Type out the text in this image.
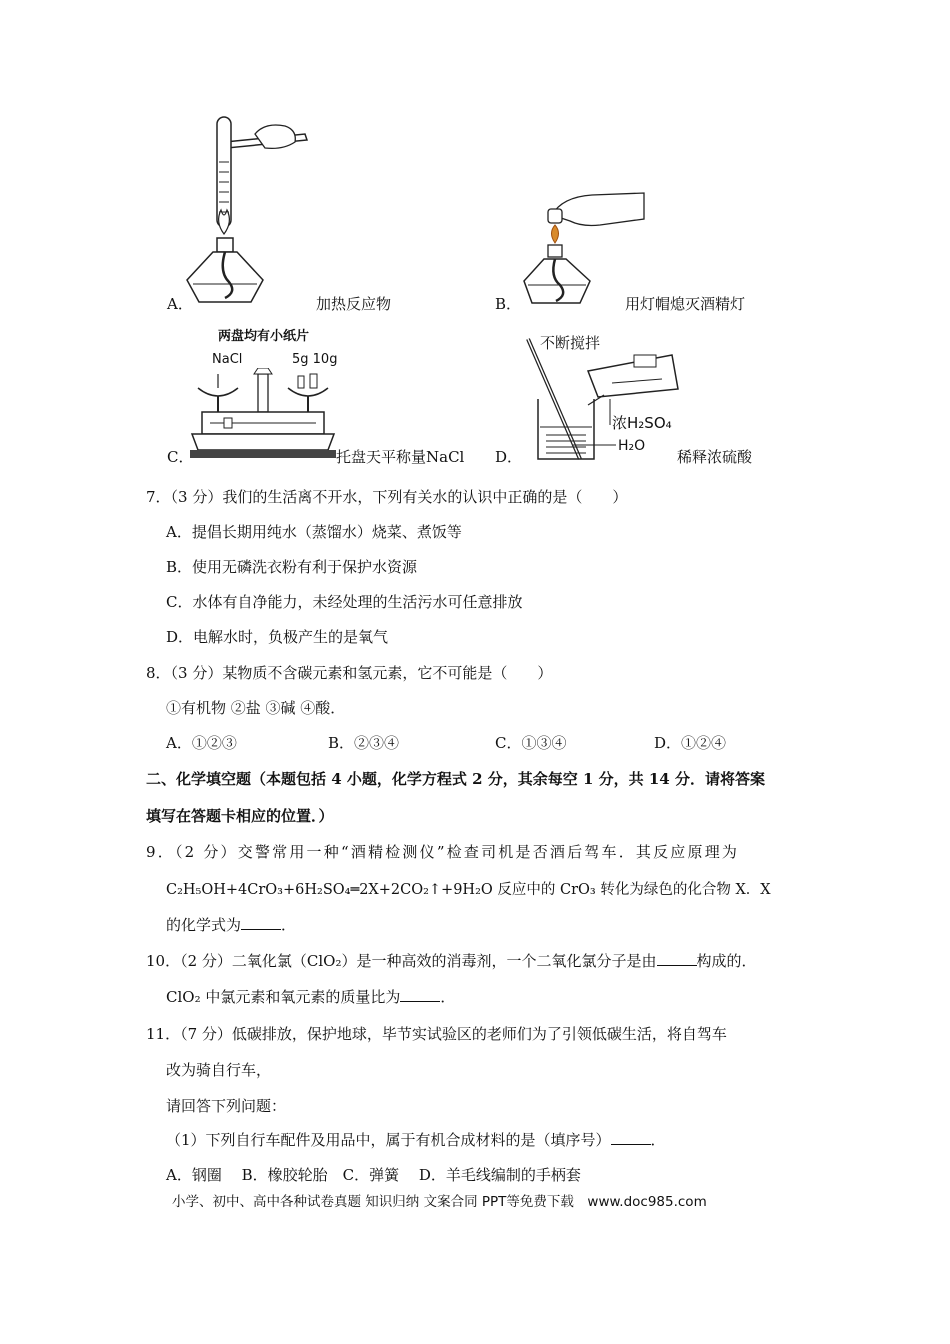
A．	加热反应物	B．	用灯帽熄灭酒精灯
两盘均有小纸片
NaCl	5g 10g
C．	托盘天平称量NaCl
不断搅拌
浓H₂SO₄
H₂O
D．	稀释浓硫酸
7．（3 分）我们的生活离不开水，下列有关水的认识中正确的是（　　）
A．提倡长期用纯水（蒸馏水）烧菜、煮饭等
B．使用无磷洗衣粉有利于保护水资源
C．水体有自净能力，未经处理的生活污水可任意排放
D．电解水时，负极产生的是氧气
8．（3 分）某物质不含碳元素和氢元素，它不可能是（　　）
①有机物 ②盐 ③碱 ④酸．
A．①②③	B．②③④	C．①③④	D．①②④
二、化学填空题（本题包括 4 小题，化学方程式 2 分，其余每空 1 分，共 14 分．请将答案
填写在答题卡相应的位置．）
9．（2 分）交警常用一种“酒精检测仪”检查司机是否酒后驾车．其反应原理为
C₂H₅OH+4CrO₃+6H₂SO₄═2X+2CO₂↑+9H₂O 反应中的 CrO₃ 转化为绿色的化合物 X．X
的化学式为	．
10．（2 分）二氧化氯（ClO₂）是一种高效的消毒剂，一个二氧化氯分子是由	构成的．
ClO₂ 中氯元素和氧元素的质量比为	．
11．（7 分）低碳排放，保护地球，毕节实试验区的老师们为了引领低碳生活，将自驾车
改为骑自行车，
请回答下列问题：
（1）下列自行车配件及用品中，属于有机合成材料的是（填序号）	．
A．钢圈　 B．橡胶轮胎　C．弹簧　 D．羊毛线编制的手柄套
小学、初中、高中各种试卷真题 知识归纳 文案合同 PPT等免费下载　www.doc985.com
